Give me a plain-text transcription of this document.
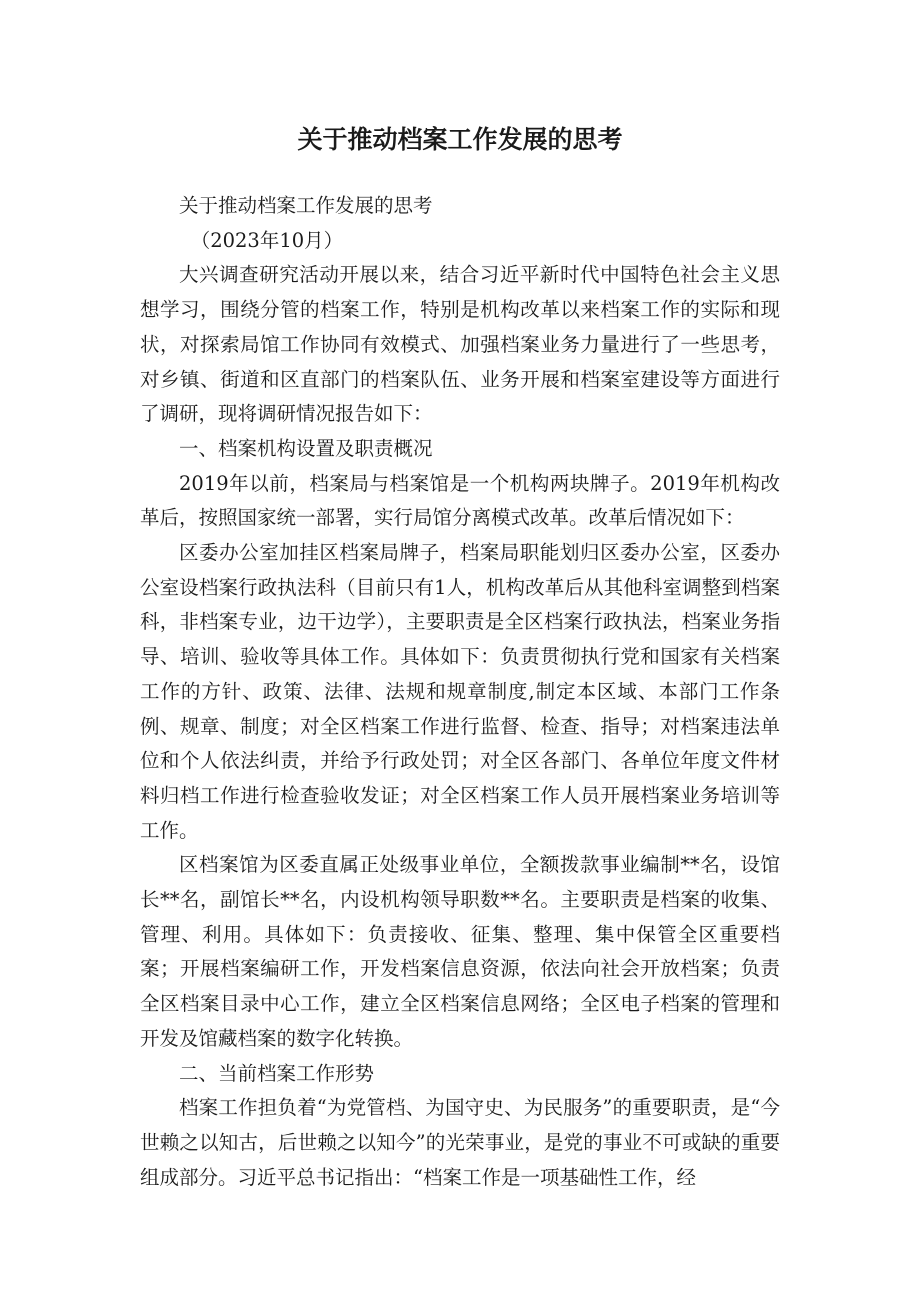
关于推动档案工作发展的思考

关于推动档案工作发展的思考

（2023年10月）

大兴调查研究活动开展以来，结合习近平新时代中国特色社会主义思想学习，围绕分管的档案工作，特别是机构改革以来档案工作的实际和现状，对探索局馆工作协同有效模式、加强档案业务力量进行了一些思考，对乡镇、街道和区直部门的档案队伍、业务开展和档案室建设等方面进行了调研，现将调研情况报告如下：

一、档案机构设置及职责概况

2019年以前，档案局与档案馆是一个机构两块牌子。2019年机构改革后，按照国家统一部署，实行局馆分离模式改革。改革后情况如下：

区委办公室加挂区档案局牌子，档案局职能划归区委办公室，区委办公室设档案行政执法科（目前只有1人，机构改革后从其他科室调整到档案科，非档案专业，边干边学），主要职责是全区档案行政执法，档案业务指导、培训、验收等具体工作。具体如下：负责贯彻执行党和国家有关档案工作的方针、政策、法律、法规和规章制度,制定本区域、本部门工作条例、规章、制度；对全区档案工作进行监督、检查、指导；对档案违法单位和个人依法纠责，并给予行政处罚；对全区各部门、各单位年度文件材料归档工作进行检查验收发证；对全区档案工作人员开展档案业务培训等工作。

区档案馆为区委直属正处级事业单位，全额拨款事业编制**名，设馆长**名，副馆长**名，内设机构领导职数**名。主要职责是档案的收集、管理、利用。具体如下：负责接收、征集、整理、集中保管全区重要档案；开展档案编研工作，开发档案信息资源，依法向社会开放档案；负责全区档案目录中心工作，建立全区档案信息网络；全区电子档案的管理和开发及馆藏档案的数字化转换。

二、当前档案工作形势

档案工作担负着“为党管档、为国守史、为民服务”的重要职责，是“今世赖之以知古，后世赖之以知今”的光荣事业，是党的事业不可或缺的重要组成部分。习近平总书记指出：“档案工作是一项基础性工作，经
